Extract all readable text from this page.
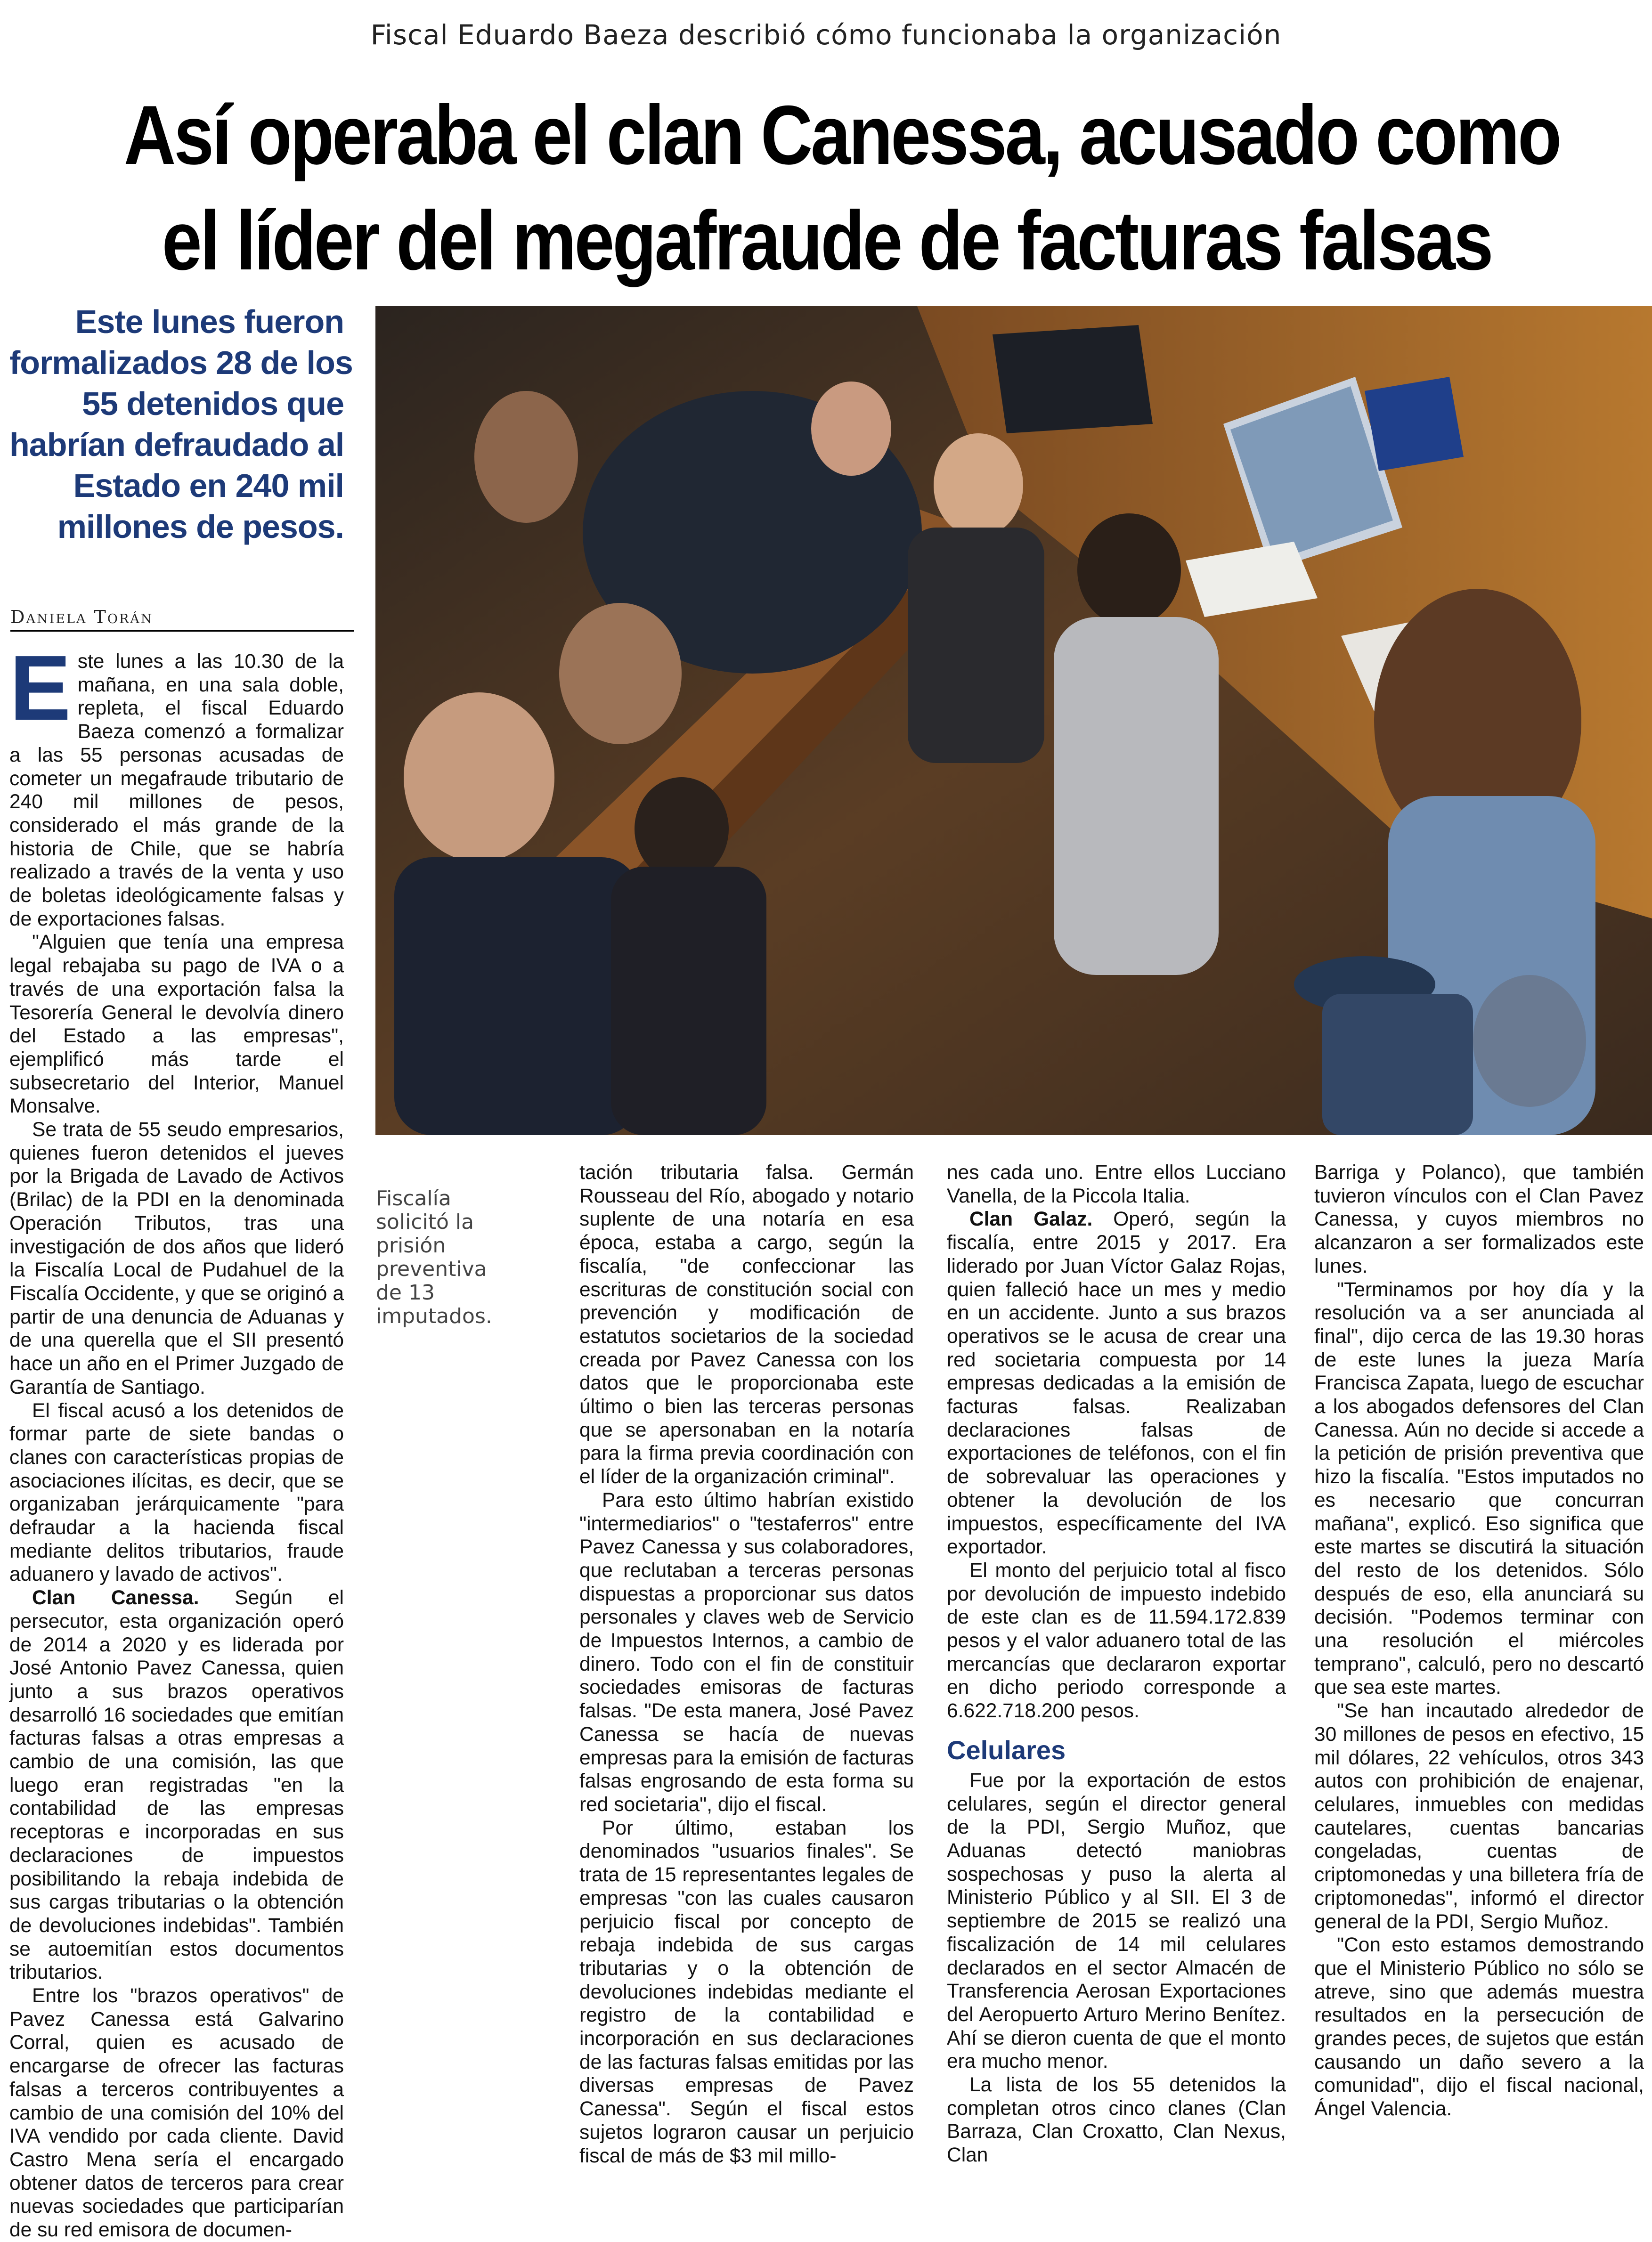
Fiscal Eduardo Baeza describió cómo funcionaba la organización
Así operaba el clan Canessa, acusado como
el líder del megafraude de facturas falsas
Este lunes fueron
formalizados 28 de los
55 detenidos que
habrían defraudado al
Estado en 240 mil
millones de pesos.
Daniela Torán
Fiscalía solicitó la prisión preventiva de 13 imputados.

Este lunes a las 10.30 de la mañana, en una sala doble, repleta, el fiscal Eduardo Baeza comenzó a formalizar a las 55 personas acusadas de cometer un megafraude tributario de 240 mil millones de pesos, considerado el más grande de la historia de Chile, que se habría realizado a través de la venta y uso de boletas ideológicamente falsas y de exportaciones falsas.

"Alguien que tenía una empresa legal rebajaba su pago de IVA o a través de una exportación falsa la Tesorería General le devolvía dinero del Estado a las empresas", ejemplificó más tarde el subsecretario del Interior, Manuel Monsalve.

Se trata de 55 seudo empresarios, quienes fueron detenidos el jueves por la Brigada de Lavado de Activos (Brilac) de la PDI en la denominada Operación Tributos, tras una investigación de dos años que lideró la Fiscalía Local de Pudahuel de la Fiscalía Occidente, y que se originó a partir de una denuncia de Aduanas y de una querella que el SII presentó hace un año en el Primer Juzgado de Garantía de Santiago.

El fiscal acusó a los detenidos de formar parte de siete bandas o clanes con características propias de asociaciones ilícitas, es decir, que se organizaban jerárquicamente "para defraudar a la hacienda fiscal mediante delitos tributarios, fraude aduanero y lavado de activos".

Clan Canessa. Según el persecutor, esta organización operó de 2014 a 2020 y es liderada por José Antonio Pavez Canessa, quien junto a sus brazos operativos desarrolló 16 sociedades que emitían facturas falsas a otras empresas a cambio de una comisión, las que luego eran registradas "en la contabilidad de las empresas receptoras e incorporadas en sus declaraciones de impuestos posibilitando la rebaja indebida de sus cargas tributarias o la obtención de devoluciones indebidas". También se autoemitían estos documentos tributarios.

Entre los "brazos operativos" de Pavez Canessa está Galvarino Corral, quien es acusado de encargarse de ofrecer las facturas falsas a terceros contribuyentes a cambio de una comisión del 10% del IVA vendido por cada cliente. David Castro Mena sería el encargado obtener datos de terceros para crear nuevas sociedades que participarían de su red emisora de documen-

tación tributaria falsa. Germán Rousseau del Río, abogado y notario suplente de una notaría en esa época, estaba a cargo, según la fiscalía, "de confeccionar las escrituras de constitución social con prevención y modificación de estatutos societarios de la sociedad creada por Pavez Canessa con los datos que le proporcionaba este último o bien las terceras personas que se apersonaban en la notaría para la firma previa coordinación con el líder de la organización criminal".

Para esto último habrían existido "intermediarios" o "testaferros" entre Pavez Canessa y sus colaboradores, que reclutaban a terceras personas dispuestas a proporcionar sus datos personales y claves web de Servicio de Impuestos Internos, a cambio de dinero. Todo con el fin de constituir sociedades emisoras de facturas falsas. "De esta manera, José Pavez Canessa se hacía de nuevas empresas para la emisión de facturas falsas engrosando de esta forma su red societaria", dijo el fiscal.

Por último, estaban los denominados "usuarios finales". Se trata de 15 representantes legales de empresas "con las cuales causaron perjuicio fiscal por concepto de rebaja indebida de sus cargas tributarias y o la obtención de devoluciones indebidas mediante el registro de la contabilidad e incorporación en sus declaraciones de las facturas falsas emitidas por las diversas empresas de Pavez Canessa". Según el fiscal estos sujetos lograron causar un perjuicio fiscal de más de $3 mil millo-

nes cada uno. Entre ellos Lucciano Vanella, de la Piccola Italia.

Clan Galaz. Operó, según la fiscalía, entre 2015 y 2017. Era liderado por Juan Víctor Galaz Rojas, quien falleció hace un mes y medio en un accidente. Junto a sus brazos operativos se le acusa de crear una red societaria compuesta por 14 empresas dedicadas a la emisión de facturas falsas. Realizaban declaraciones falsas de exportaciones de teléfonos, con el fin de sobrevaluar las operaciones y obtener la devolución de los impuestos, específicamente del IVA exportador.

El monto del perjuicio total al fisco por devolución de impuesto indebido de este clan es de 11.594.172.839 pesos y el valor aduanero total de las mercancías que declararon exportar en dicho periodo corresponde a 6.622.718.200 pesos.

Celulares

Fue por la exportación de estos celulares, según el director general de la PDI, Sergio Muñoz, que Aduanas detectó maniobras sospechosas y puso la alerta al Ministerio Público y al SII. El 3 de septiembre de 2015 se realizó una fiscalización de 14 mil celulares declarados en el sector Almacén de Transferencia Aerosan Exportaciones del Aeropuerto Arturo Merino Benítez. Ahí se dieron cuenta de que el monto era mucho menor.

La lista de los 55 detenidos la completan otros cinco clanes (Clan Barraza, Clan Croxatto, Clan Nexus, Clan

Barriga y Polanco), que también tuvieron vínculos con el Clan Pavez Canessa, y cuyos miembros no alcanzaron a ser formalizados este lunes.

"Terminamos por hoy día y la resolución va a ser anunciada al final", dijo cerca de las 19.30 horas de este lunes la jueza María Francisca Zapata, luego de escuchar a los abogados defensores del Clan Canessa. Aún no decide si accede a la petición de prisión preventiva que hizo la fiscalía. "Estos imputados no es necesario que concurran mañana", explicó. Eso significa que este martes se discutirá la situación del resto de los detenidos. Sólo después de eso, ella anunciará su decisión. "Podemos terminar con una resolución el miércoles temprano", calculó, pero no descartó que sea este martes.

"Se han incautado alrededor de 30 millones de pesos en efectivo, 15 mil dólares, 22 vehículos, otros 343 autos con prohibición de enajenar, celulares, inmuebles con medidas cautelares, cuentas bancarias congeladas, cuentas de criptomonedas y una billetera fría de criptomonedas", informó el director general de la PDI, Sergio Muñoz.

"Con esto estamos demostrando que el Ministerio Público no sólo se atreve, sino que además muestra resultados en la persecución de grandes peces, de sujetos que están causando un daño severo a la comunidad", dijo el fiscal nacional, Ángel Valencia.
